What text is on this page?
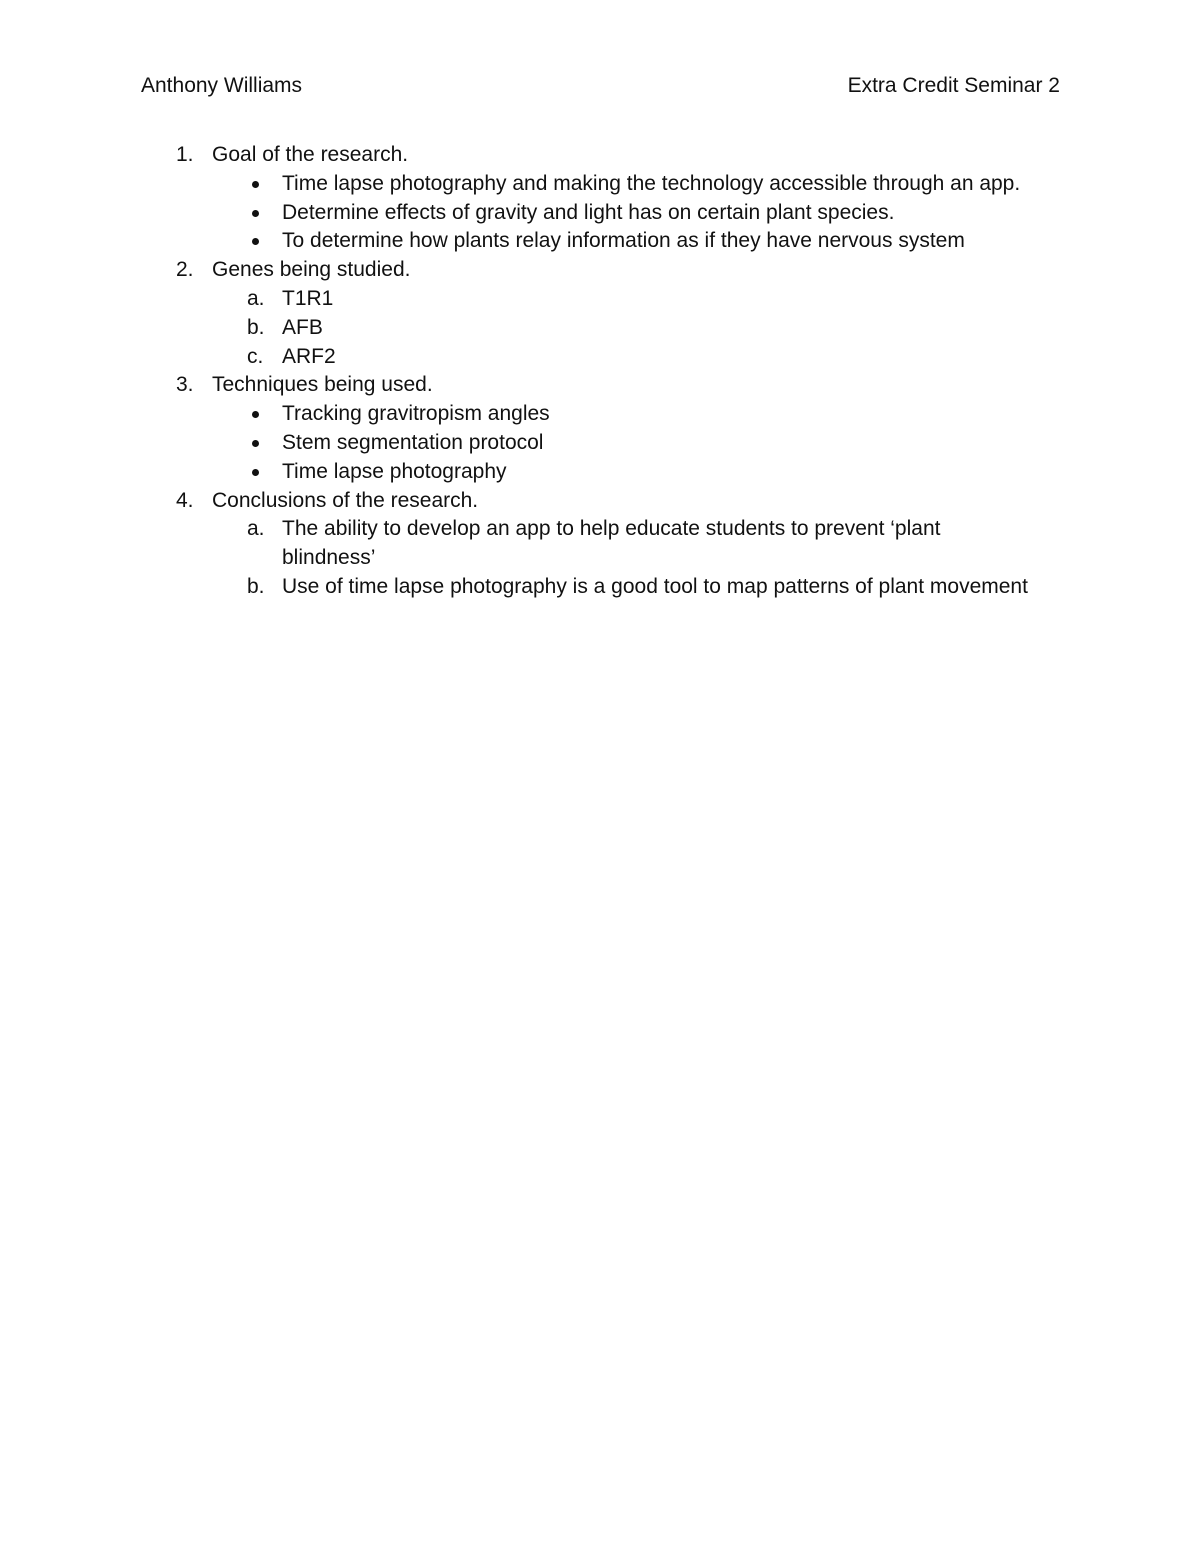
Anthony Williams	Extra Credit Seminar 2
1. Goal of the research.
Time lapse photography and making the technology accessible through an app.
Determine effects of gravity and light has on certain plant species.
To determine how plants relay information as if they have nervous system
2. Genes being studied.
a. T1R1
b. AFB
c. ARF2
3. Techniques being used.
Tracking gravitropism angles
Stem segmentation protocol
Time lapse photography
4. Conclusions of the research.
a. The ability to develop an app to help educate students to prevent ‘plant blindness’
b. Use of time lapse photography is a good tool to map patterns of plant movement
